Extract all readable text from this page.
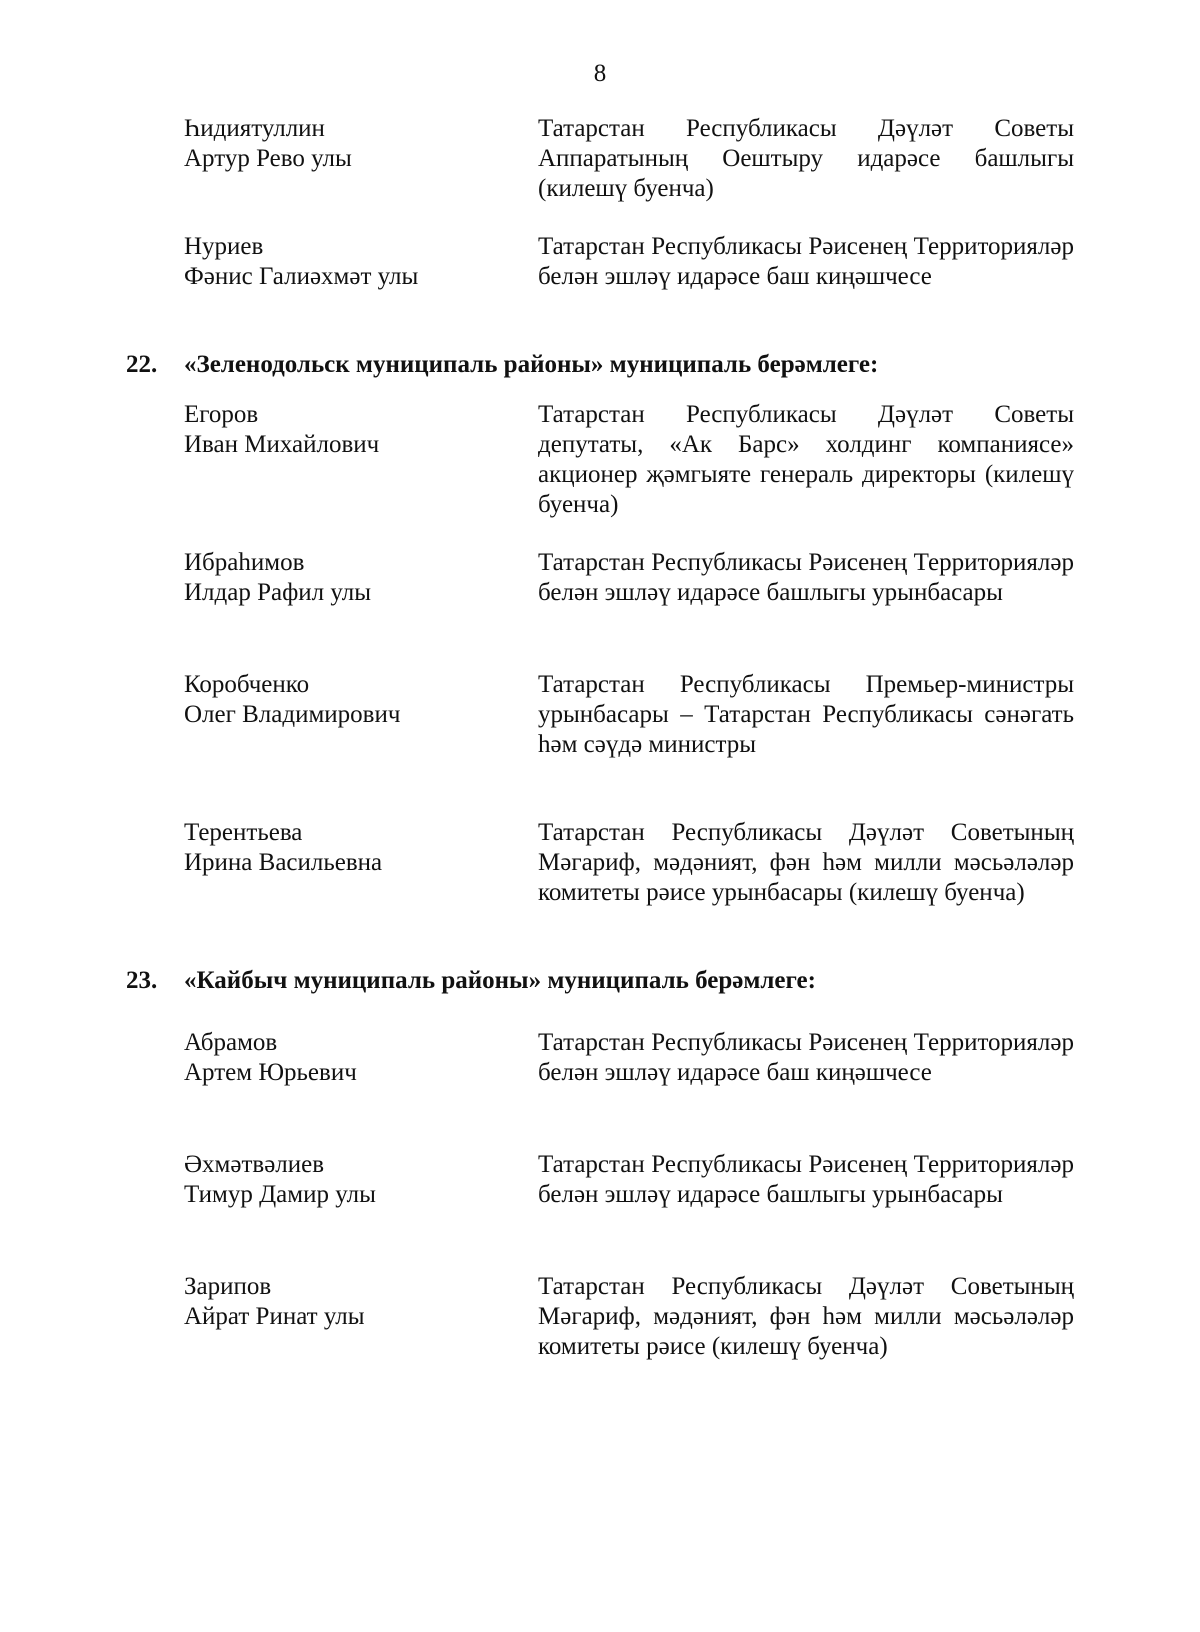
8
Һидиятуллин
Артур Рево улы
Татарстан Республикасы Дәүләт Советы Аппаратының Оештыру идарәсе башлыгы (килешү буенча)
Нуриев
Фәнис Галиәхмәт улы
Татарстан Республикасы Рәисенең Территорияләр белән эшләү идарәсе баш киңәшчесе
22. «Зеленодольск муниципаль районы» муниципаль берәмлеге:
Егоров
Иван Михайлович
Татарстан Республикасы Дәүләт Советы депутаты, «Ак Барс» холдинг компаниясе» акционер җәмгыяте генераль директоры (килешү буенча)
Ибраһимов
Илдар Рафил улы
Татарстан Республикасы Рәисенең Территорияләр белән эшләү идарәсе башлыгы урынбасары
Коробченко
Олег Владимирович
Татарстан Республикасы Премьер-министры урынбасары – Татарстан Республикасы сәнәгать һәм сәүдә министры
Терентьева
Ирина Васильевна
Татарстан Республикасы Дәүләт Советының Мәгариф, мәдәният, фән һәм милли мәсьәләләр комитеты рәисе урынбасары (килешү буенча)
23. «Кайбыч муниципаль районы» муниципаль берәмлеге:
Абрамов
Артем Юрьевич
Татарстан Республикасы Рәисенең Территорияләр белән эшләү идарәсе баш киңәшчесе
Әхмәтвәлиев
Тимур Дамир улы
Татарстан Республикасы Рәисенең Территорияләр белән эшләү идарәсе башлыгы урынбасары
Зарипов
Айрат Ринат улы
Татарстан Республикасы Дәүләт Советының Мәгариф, мәдәният, фән һәм милли мәсьәләләр комитеты рәисе (килешү буенча)
